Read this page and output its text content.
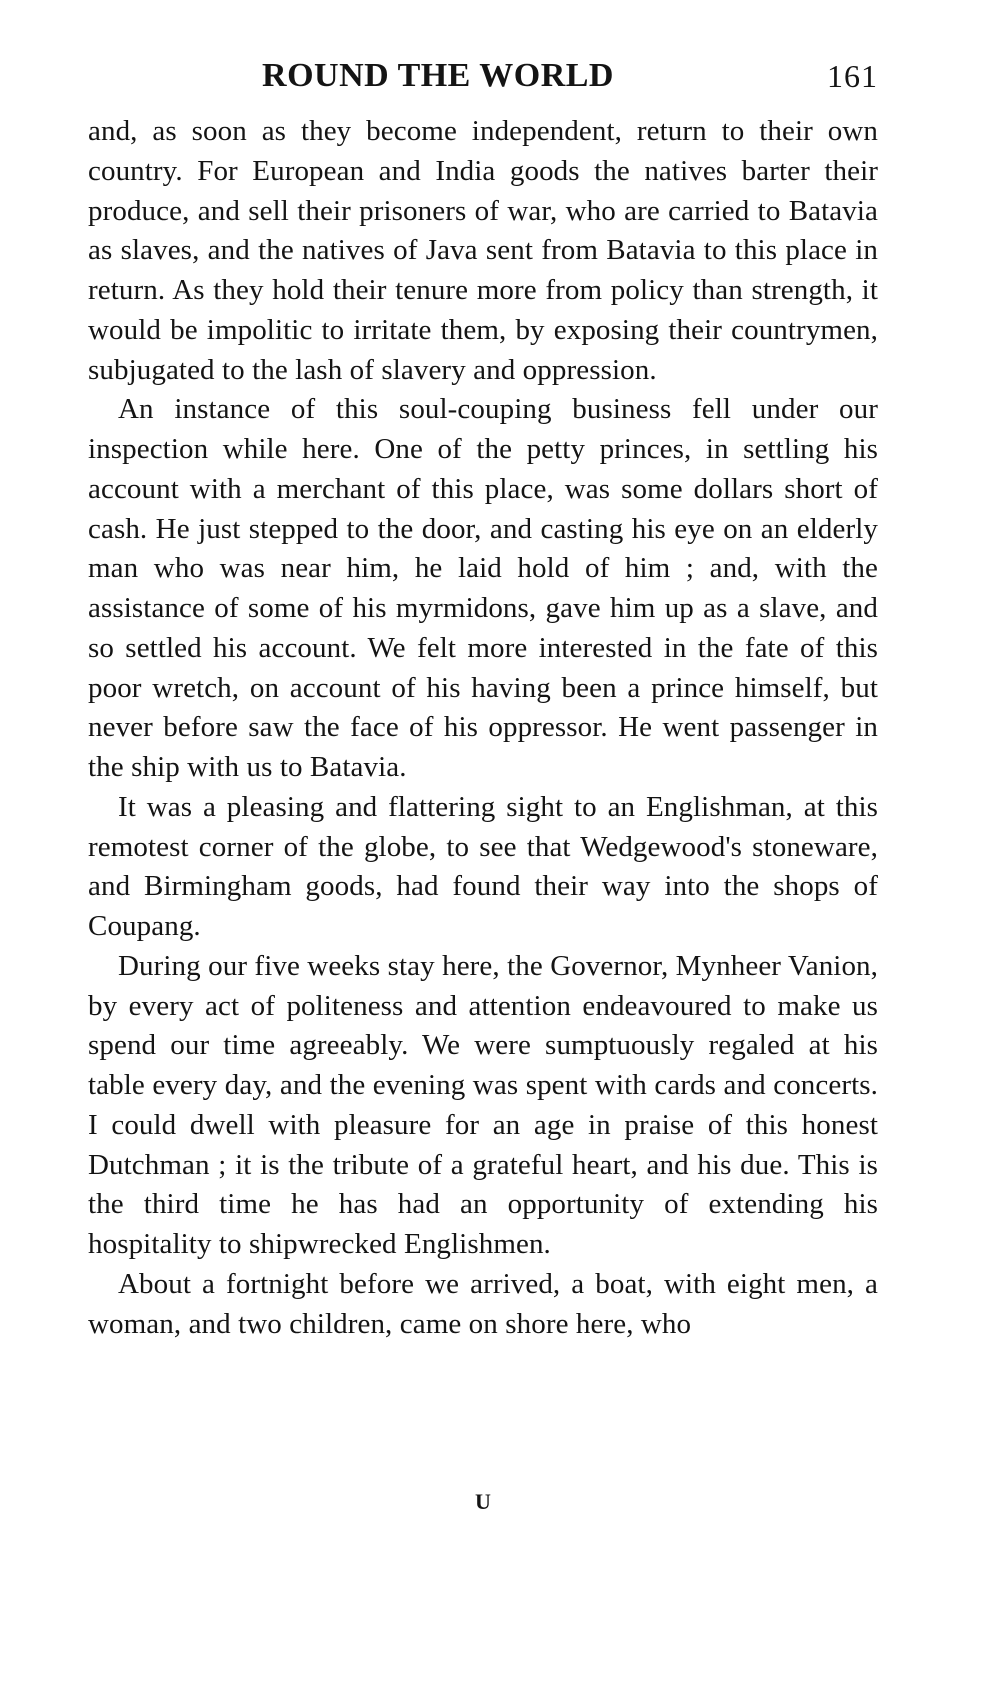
ROUND THE WORLD	161

and, as soon as they become independent, return to their own country. For European and India goods the natives barter their produce, and sell their prisoners of war, who are carried to Batavia as slaves, and the natives of Java sent from Batavia to this place in return. As they hold their tenure more from policy than strength, it would be impolitic to irritate them, by exposing their countrymen, subjugated to the lash of slavery and oppression.

An instance of this soul-couping business fell under our inspection while here. One of the petty princes, in settling his account with a merchant of this place, was some dollars short of cash. He just stepped to the door, and casting his eye on an elderly man who was near him, he laid hold of him ; and, with the assistance of some of his myrmidons, gave him up as a slave, and so settled his account. We felt more interested in the fate of this poor wretch, on account of his having been a prince himself, but never before saw the face of his oppressor. He went passenger in the ship with us to Batavia.

It was a pleasing and flattering sight to an Englishman, at this remotest corner of the globe, to see that Wedgewood's stoneware, and Birmingham goods, had found their way into the shops of Coupang.

During our five weeks stay here, the Governor, Mynheer Vanion, by every act of politeness and attention endeavoured to make us spend our time agreeably. We were sumptuously regaled at his table every day, and the evening was spent with cards and concerts. I could dwell with pleasure for an age in praise of this honest Dutchman ; it is the tribute of a grateful heart, and his due. This is the third time he has had an opportunity of extending his hospitality to shipwrecked Englishmen.

About a fortnight before we arrived, a boat, with eight men, a woman, and two children, came on shore here, who

U
